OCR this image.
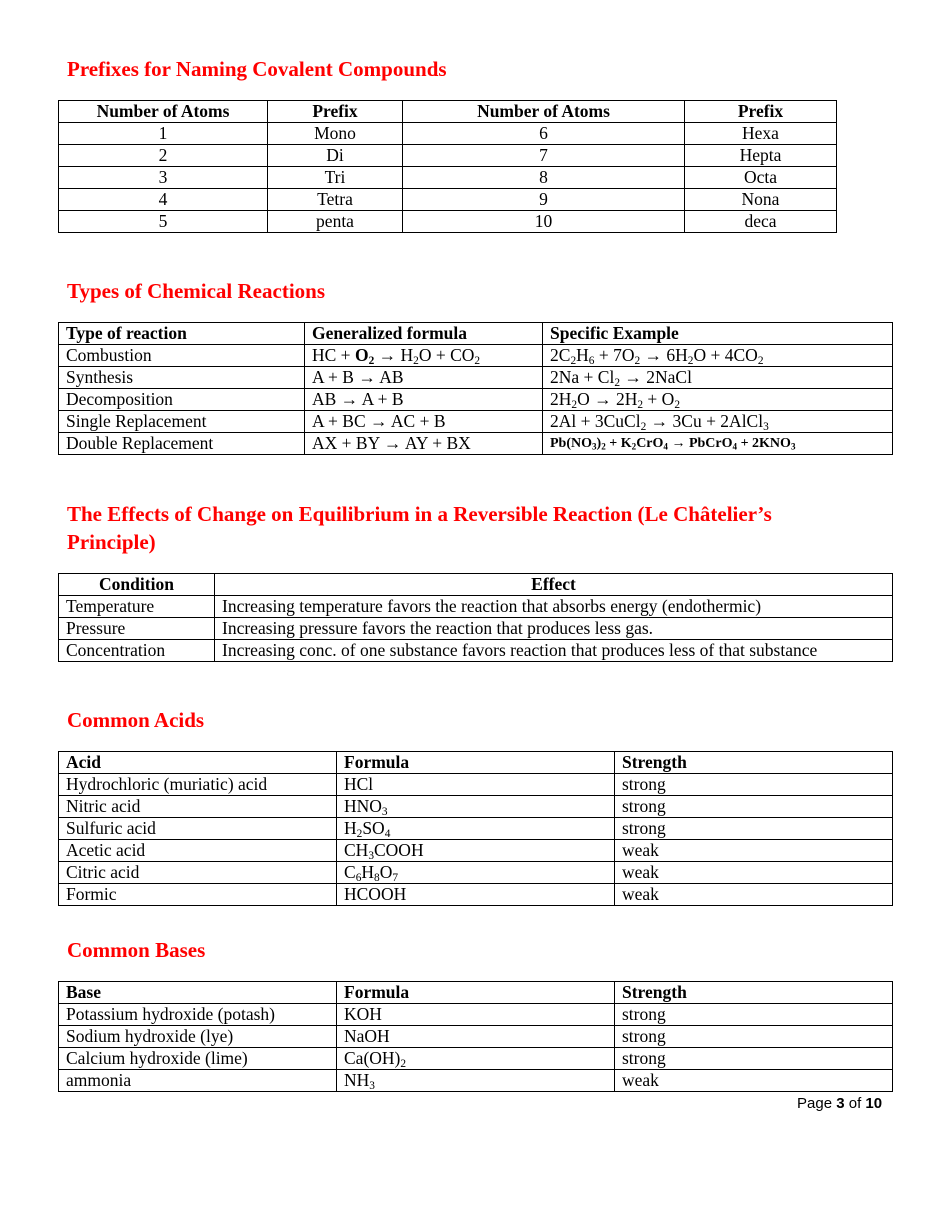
Prefixes for Naming Covalent Compounds
Number of Atoms	Prefix	Number of Atoms	Prefix
1	Mono	6	Hexa
2	Di	7	Hepta
3	Tri	8	Octa
4	Tetra	9	Nona
5	penta	10	deca
Types of Chemical Reactions
Type of reaction	Generalized formula	Specific Example
Combustion	HC + $O_2 \to H_2O + CO_2$	$2C_2H_6 + 7O_2 \to 6H_2O + 4CO_2$
Synthesis	A + B → AB	$2Na + Cl_2$ → 2NaCl
Decomposition	AB → A + B	$2H_2O \to 2H_2 + O_2$
Single Replacement	A + BC → AC + B	2Al + 3CuCl$_2$ → 3Cu + 2AlCl$_3$
Double Replacement	AX + BY → AY + BX	$Pb(NO_3)_2 + K_2CrO_4$ → PbCrO$_4$ + $2KNO_3$
The Effects of Change on Equilibrium in a Reversible Reaction (Le Châtelier’s
Principle)
Condition	Effect
Temperature	Increasing temperature favors the reaction that absorbs energy (endothermic)
Pressure	Increasing pressure favors the reaction that produces less gas.
Concentration	Increasing conc. of one substance favors reaction that produces less of that substance
Common Acids
Acid	Formula	Strength
Hydrochloric (muriatic) acid	HCl	strong
Nitric acid	$HNO_3$	strong
Sulfuric acid	$H_2SO_4$	strong
Acetic acid	$CH_3COOH$	weak
Citric acid	$C_6H_8O_7$	weak
Formic	HCOOH	weak
Common Bases
Base	Formula	Strength
Potassium hydroxide (potash)	KOH	strong
Sodium hydroxide (lye)	NaOH	strong
Calcium hydroxide (lime)	$Ca(OH)_2$	strong
ammonia	$NH_3$	weak
Page 3 of 10
